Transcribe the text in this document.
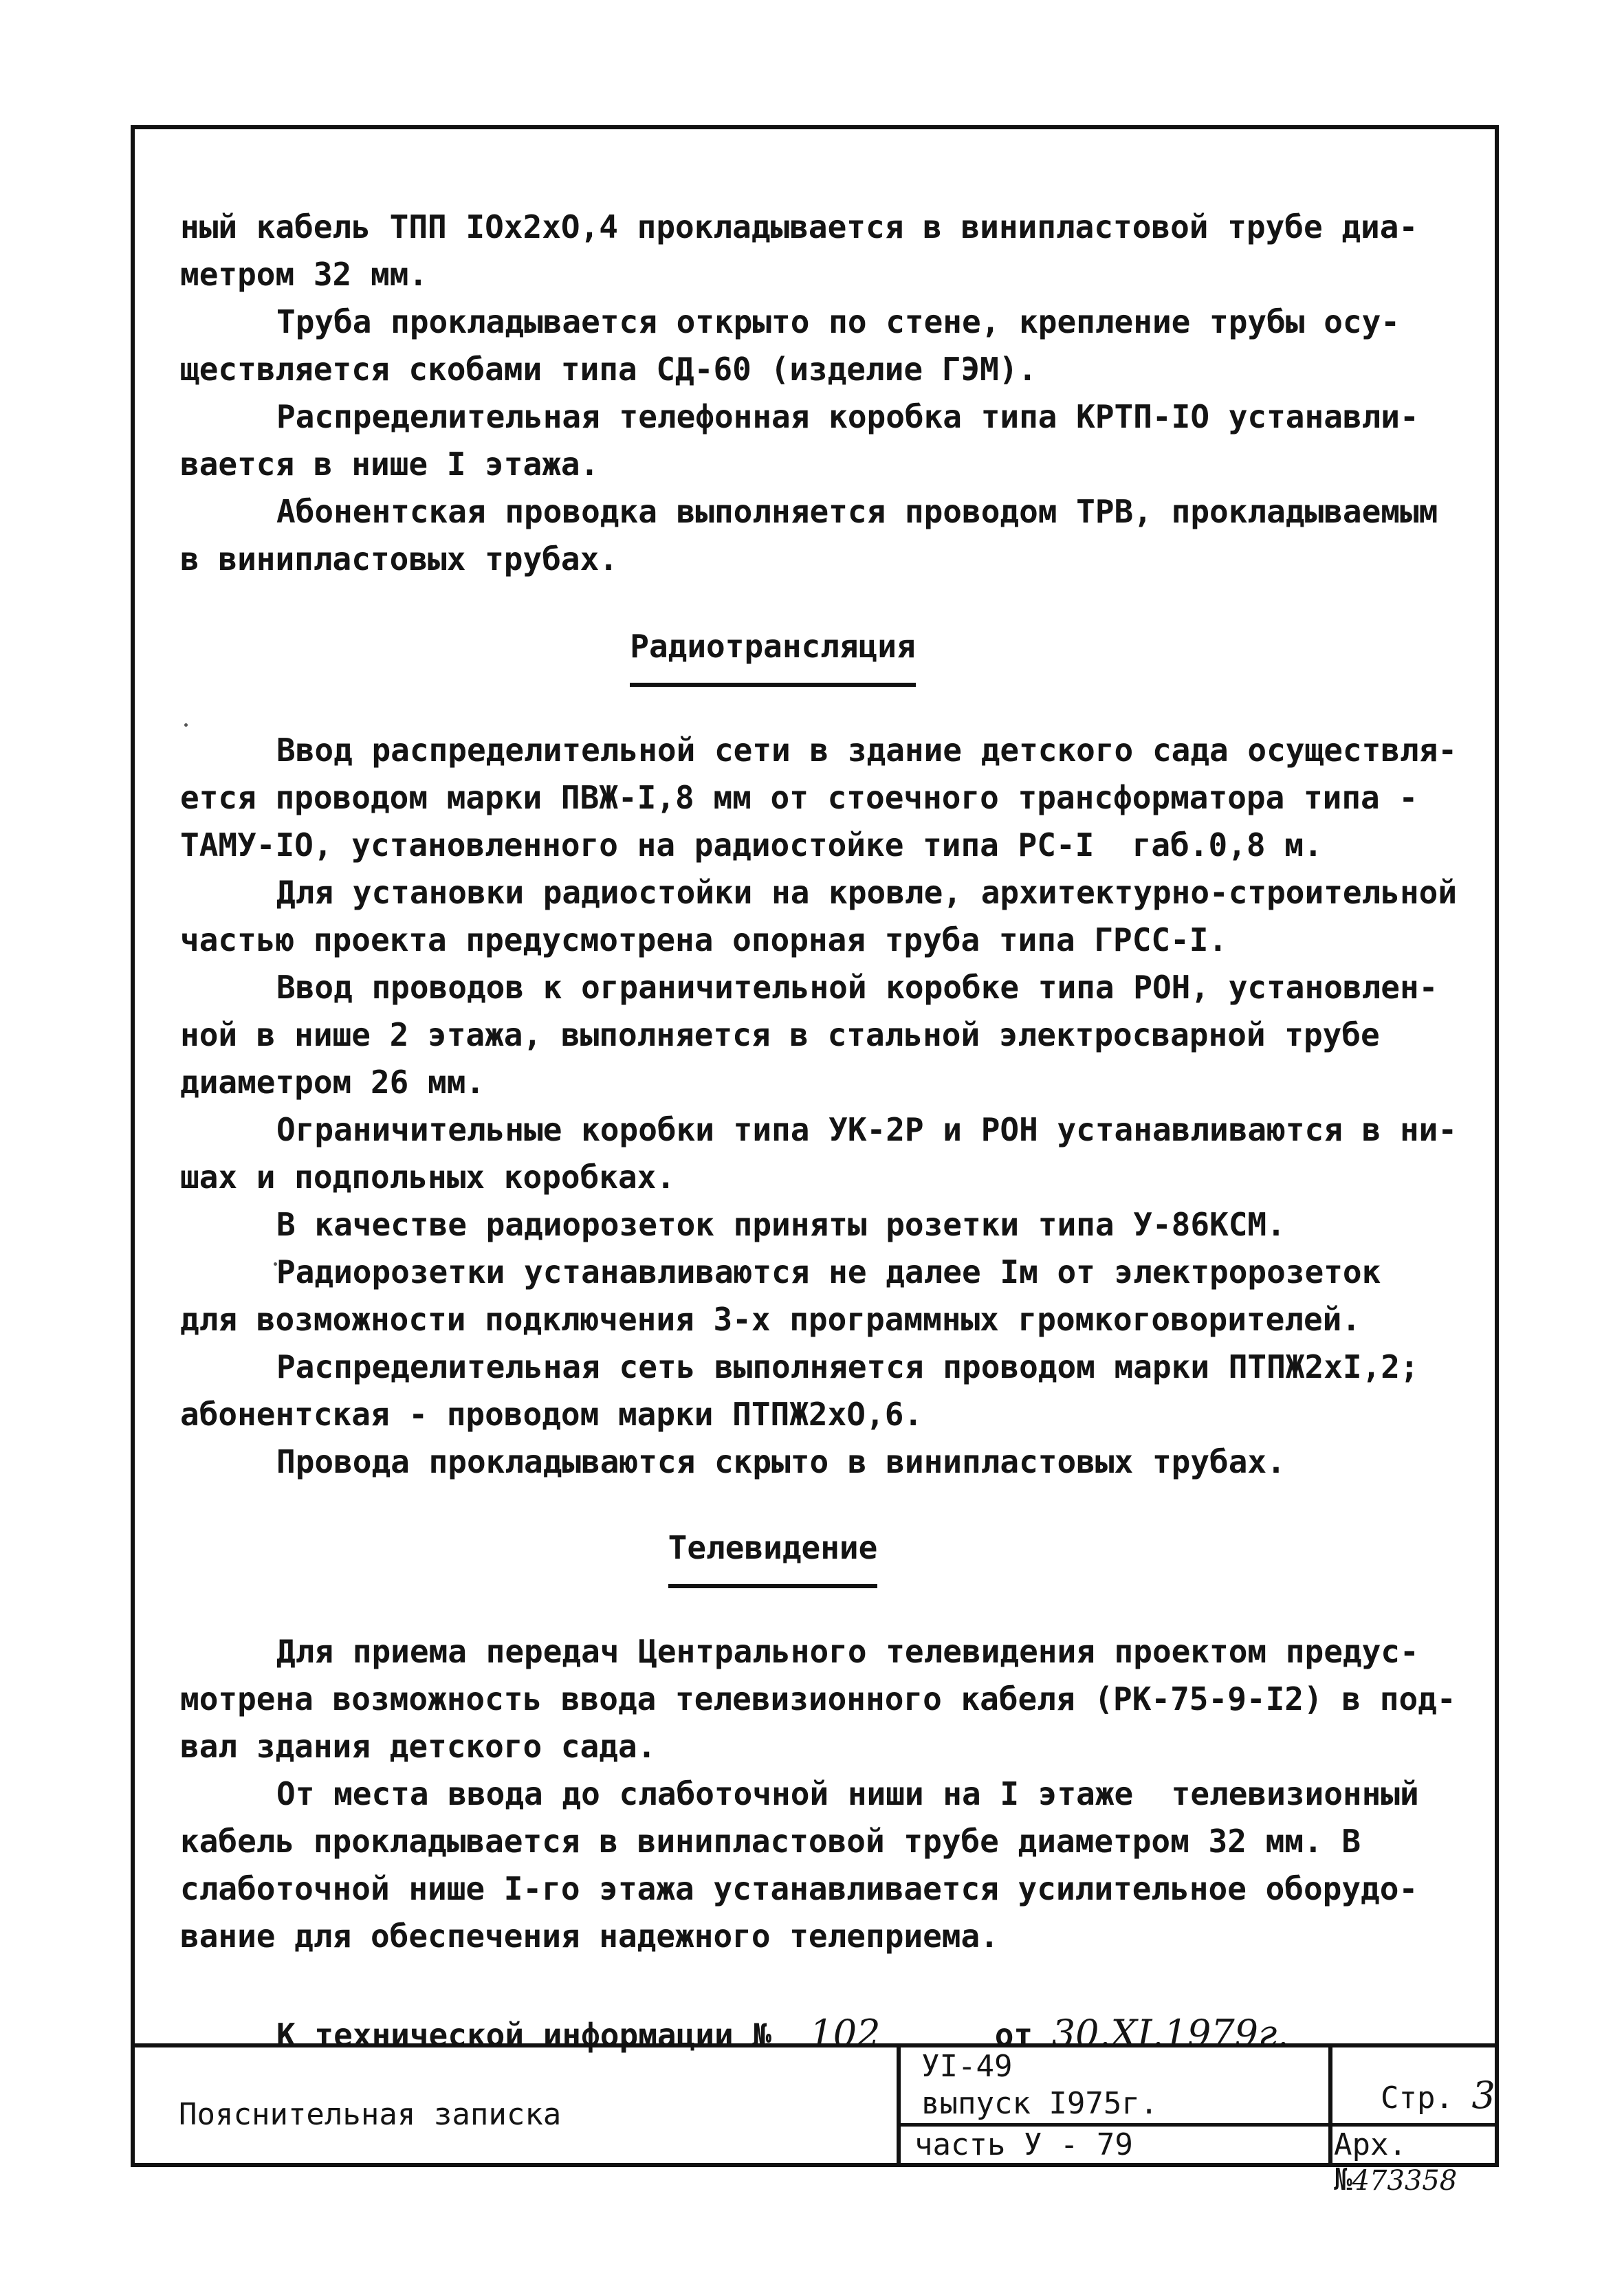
ный кабель ТПП IOх2хO,4 прокладывается в винипластовой трубе диа-

метром 32 мм.

Труба прокладывается открыто по стене, крепление трубы осу-

ществляется скобами типа СД-60 (изделие ГЭМ).

Распределительная телефонная коробка типа КРТП-IO устанавли-

вается в нише I этажа.

Абонентская проводка выполняется проводом ТРВ, прокладываемым

в винипластовых трубах.

Радиотрансляция

Ввод распределительной сети в здание детского сада осуществля-

ется проводом марки ПВЖ-I,8 мм от стоечного трансформатора типа -

ТАМУ-IO, установленного на радиостойке типа РС-I  габ.0,8 м.

Для установки радиостойки на кровле, архитектурно-строительной

частью проекта предусмотрена опорная труба типа ГРСС-I.

Ввод проводов к ограничительной коробке типа РОН, установлен-

ной в нише 2 этажа, выполняется в стальной электросварной трубе

диаметром 26 мм.

Ограничительные коробки типа УК-2Р и РОН устанавливаются в ни-

шах и подпольных коробках.

В качестве радиорозеток приняты розетки типа У-86КСМ.

Радиорозетки устанавливаются не далее Iм от электророзеток

для возможности подключения 3-х программных громкоговорителей.

Распределительная сеть выполняется проводом марки ПТПЖ2хI,2;

абонентская - проводом марки ПТПЖ2хO,6.

Провода прокладываются скрыто в винипластовых трубах.

Телевидение

Для приема передач Центрального телевидения проектом предус-

мотрена возможность ввода телевизионного кабеля (РК-75-9-I2) в под-

вал здания детского сада.

От места ввода до слаботочной ниши на I этаже  телевизионный

кабель прокладывается в винипластовой трубе диаметром 32 мм. В

слаботочной нише I-го этажа устанавливается усилительное оборудо-

вание для обеспечения надежного телеприема.

К технической информации № 102	от 30.XI.1979г.

Пояснительная записка
УI-49
выпуск I975г.
часть У - 79
Стр. 3
Арх.№473358
